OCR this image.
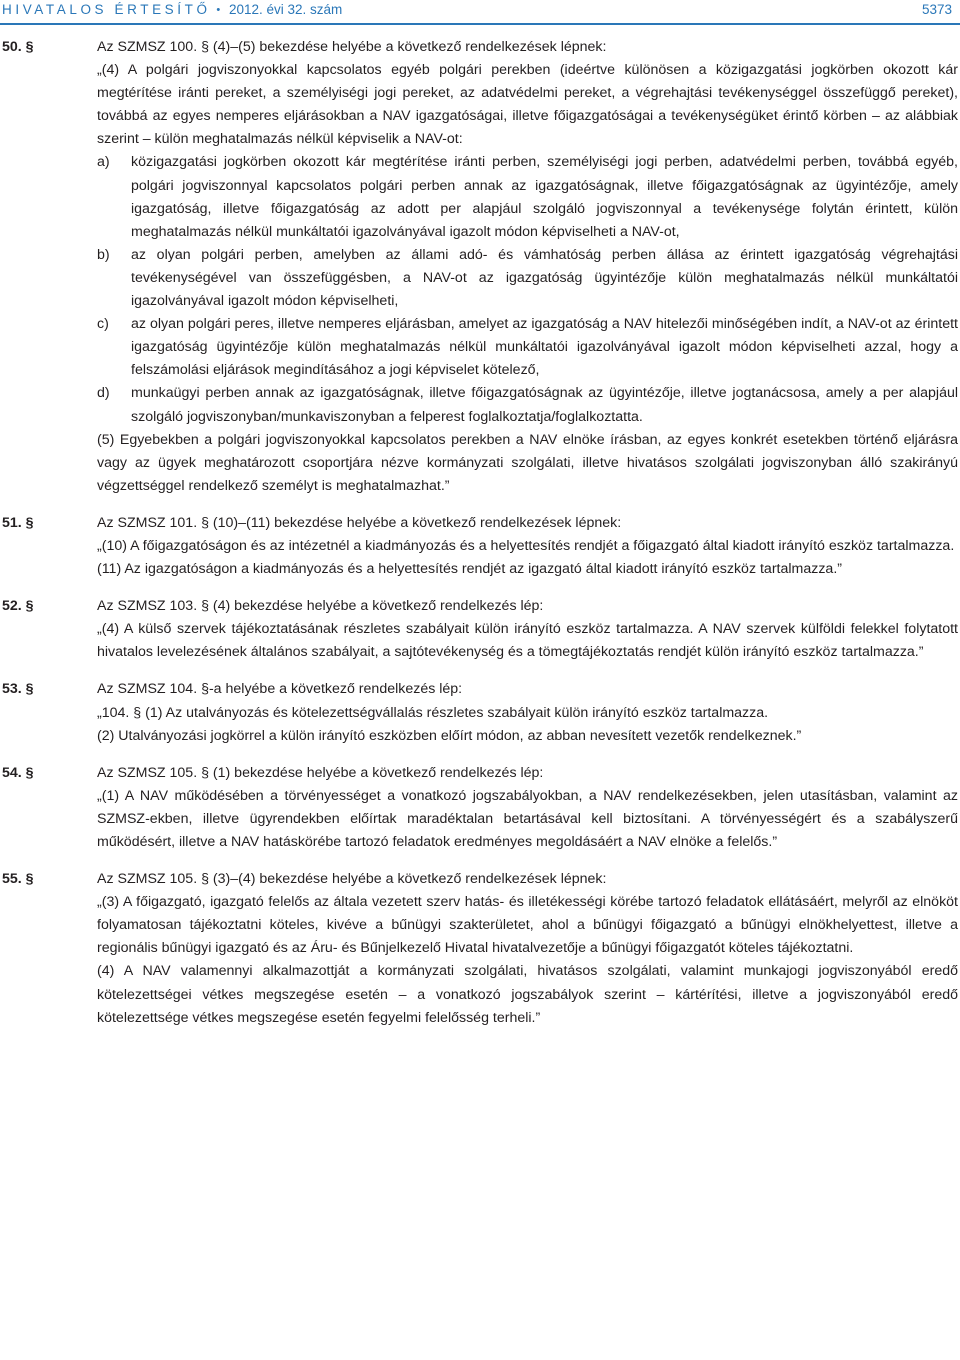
HIVATALOS ÉRTESÍTŐ • 2012. évi 32. szám	5373
50. §	Az SZMSZ 100. § (4)–(5) bekezdése helyébe a következő rendelkezések lépnek:

„(4) A polgári jogviszonyokkal kapcsolatos egyéb polgári perekben (ideértve különösen a közigazgatási jogkörben okozott kár megtérítése iránti pereket, a személyiségi jogi pereket, az adatvédelmi pereket, a végrehajtási tevékenységgel összefüggő pereket), továbbá az egyes nemperes eljárásokban a NAV igazgatóságai, illetve főigazgatóságai a tevékenységüket érintő körben – az alábbiak szerint – külön meghatalmazás nélkül képviselik a NAV-ot:

a) közigazgatási jogkörben okozott kár megtérítése iránti perben, személyiségi jogi perben, adatvédelmi perben, továbbá egyéb, polgári jogviszonnyal kapcsolatos polgári perben annak az igazgatóságnak, illetve főigazgatóságnak az ügyintézője, amely igazgatóság, illetve főigazgatóság az adott per alapjául szolgáló jogviszonnyal a tevékenysége folytán érintett, külön meghatalmazás nélkül munkáltatói igazolványával igazolt módon képviselheti a NAV-ot,
b) az olyan polgári perben, amelyben az állami adó- és vámhatóság perben állása az érintett igazgatóság végrehajtási tevékenységével van összefüggésben, a NAV-ot az igazgatóság ügyintézője külön meghatalmazás nélkül munkáltatói igazolványával igazolt módon képviselheti,
c) az olyan polgári peres, illetve nemperes eljárásban, amelyet az igazgatóság a NAV hitelezői minőségében indít, a NAV-ot az érintett igazgatóság ügyintézője külön meghatalmazás nélkül munkáltatói igazolványával igazolt módon képviselheti azzal, hogy a felszámolási eljárások megindításához a jogi képviselet kötelező,
d) munkaügyi perben annak az igazgatóságnak, illetve főigazgatóságnak az ügyintézője, illetve jogtanácsosa, amely a per alapjául szolgáló jogviszonyban/munkaviszonyban a felperest foglalkoztatja/foglalkoztatta.

(5) Egyebekben a polgári jogviszonyokkal kapcsolatos perekben a NAV elnöke írásban, az egyes konkrét esetekben történő eljárásra vagy az ügyek meghatározott csoportjára nézve kormányzati szolgálati, illetve hivatásos szolgálati jogviszonyban álló szakirányú végzettséggel rendelkező személyt is meghatalmazhat.”

51. §	Az SZMSZ 101. § (10)–(11) bekezdése helyébe a következő rendelkezések lépnek:

„(10) A főigazgatóságon és az intézetnél a kiadmányozás és a helyettesítés rendjét a főigazgató által kiadott irányító eszköz tartalmazza.

(11) Az igazgatóságon a kiadmányozás és a helyettesítés rendjét az igazgató által kiadott irányító eszköz tartalmazza.”

52. §	Az SZMSZ 103. § (4) bekezdése helyébe a következő rendelkezés lép:

„(4) A külső szervek tájékoztatásának részletes szabályait külön irányító eszköz tartalmazza. A NAV szervek külföldi felekkel folytatott hivatalos levelezésének általános szabályait, a sajtótevékenység és a tömegtájékoztatás rendjét külön irányító eszköz tartalmazza.”

53. §	Az SZMSZ 104. §-a helyébe a következő rendelkezés lép:

„104. § (1) Az utalványozás és kötelezettségvállalás részletes szabályait külön irányító eszköz tartalmazza.

(2) Utalványozási jogkörrel a külön irányító eszközben előírt módon, az abban nevesített vezetők rendelkeznek.”

54. §	Az SZMSZ 105. § (1) bekezdése helyébe a következő rendelkezés lép:

„(1) A NAV működésében a törvényességet a vonatkozó jogszabályokban, a NAV rendelkezésekben, jelen utasításban, valamint az SZMSZ-ekben, illetve ügyrendekben előírtak maradéktalan betartásával kell biztosítani. A törvényességért és a szabályszerű működésért, illetve a NAV hatáskörébe tartozó feladatok eredményes megoldásáért a NAV elnöke a felelős.”

55. §	Az SZMSZ 105. § (3)–(4) bekezdése helyébe a következő rendelkezések lépnek:

„(3) A főigazgató, igazgató felelős az általa vezetett szerv hatás- és illetékességi körébe tartozó feladatok ellátásáért, melyről az elnököt folyamatosan tájékoztatni köteles, kivéve a bűnügyi szakterületet, ahol a bűnügyi főigazgató a bűnügyi elnökhelyettest, illetve a regionális bűnügyi igazgató és az Áru- és Bűnjelkezelő Hivatal hivatalvezetője a bűnügyi főigazgatót köteles tájékoztatni.

(4) A NAV valamennyi alkalmazottját a kormányzati szolgálati, hivatásos szolgálati, valamint munkajogi jogviszonyából eredő kötelezettségei vétkes megszegése esetén – a vonatkozó jogszabályok szerint – kártérítési, illetve a jogviszonyából eredő kötelezettsége vétkes megszegése esetén fegyelmi felelősség terheli.”
